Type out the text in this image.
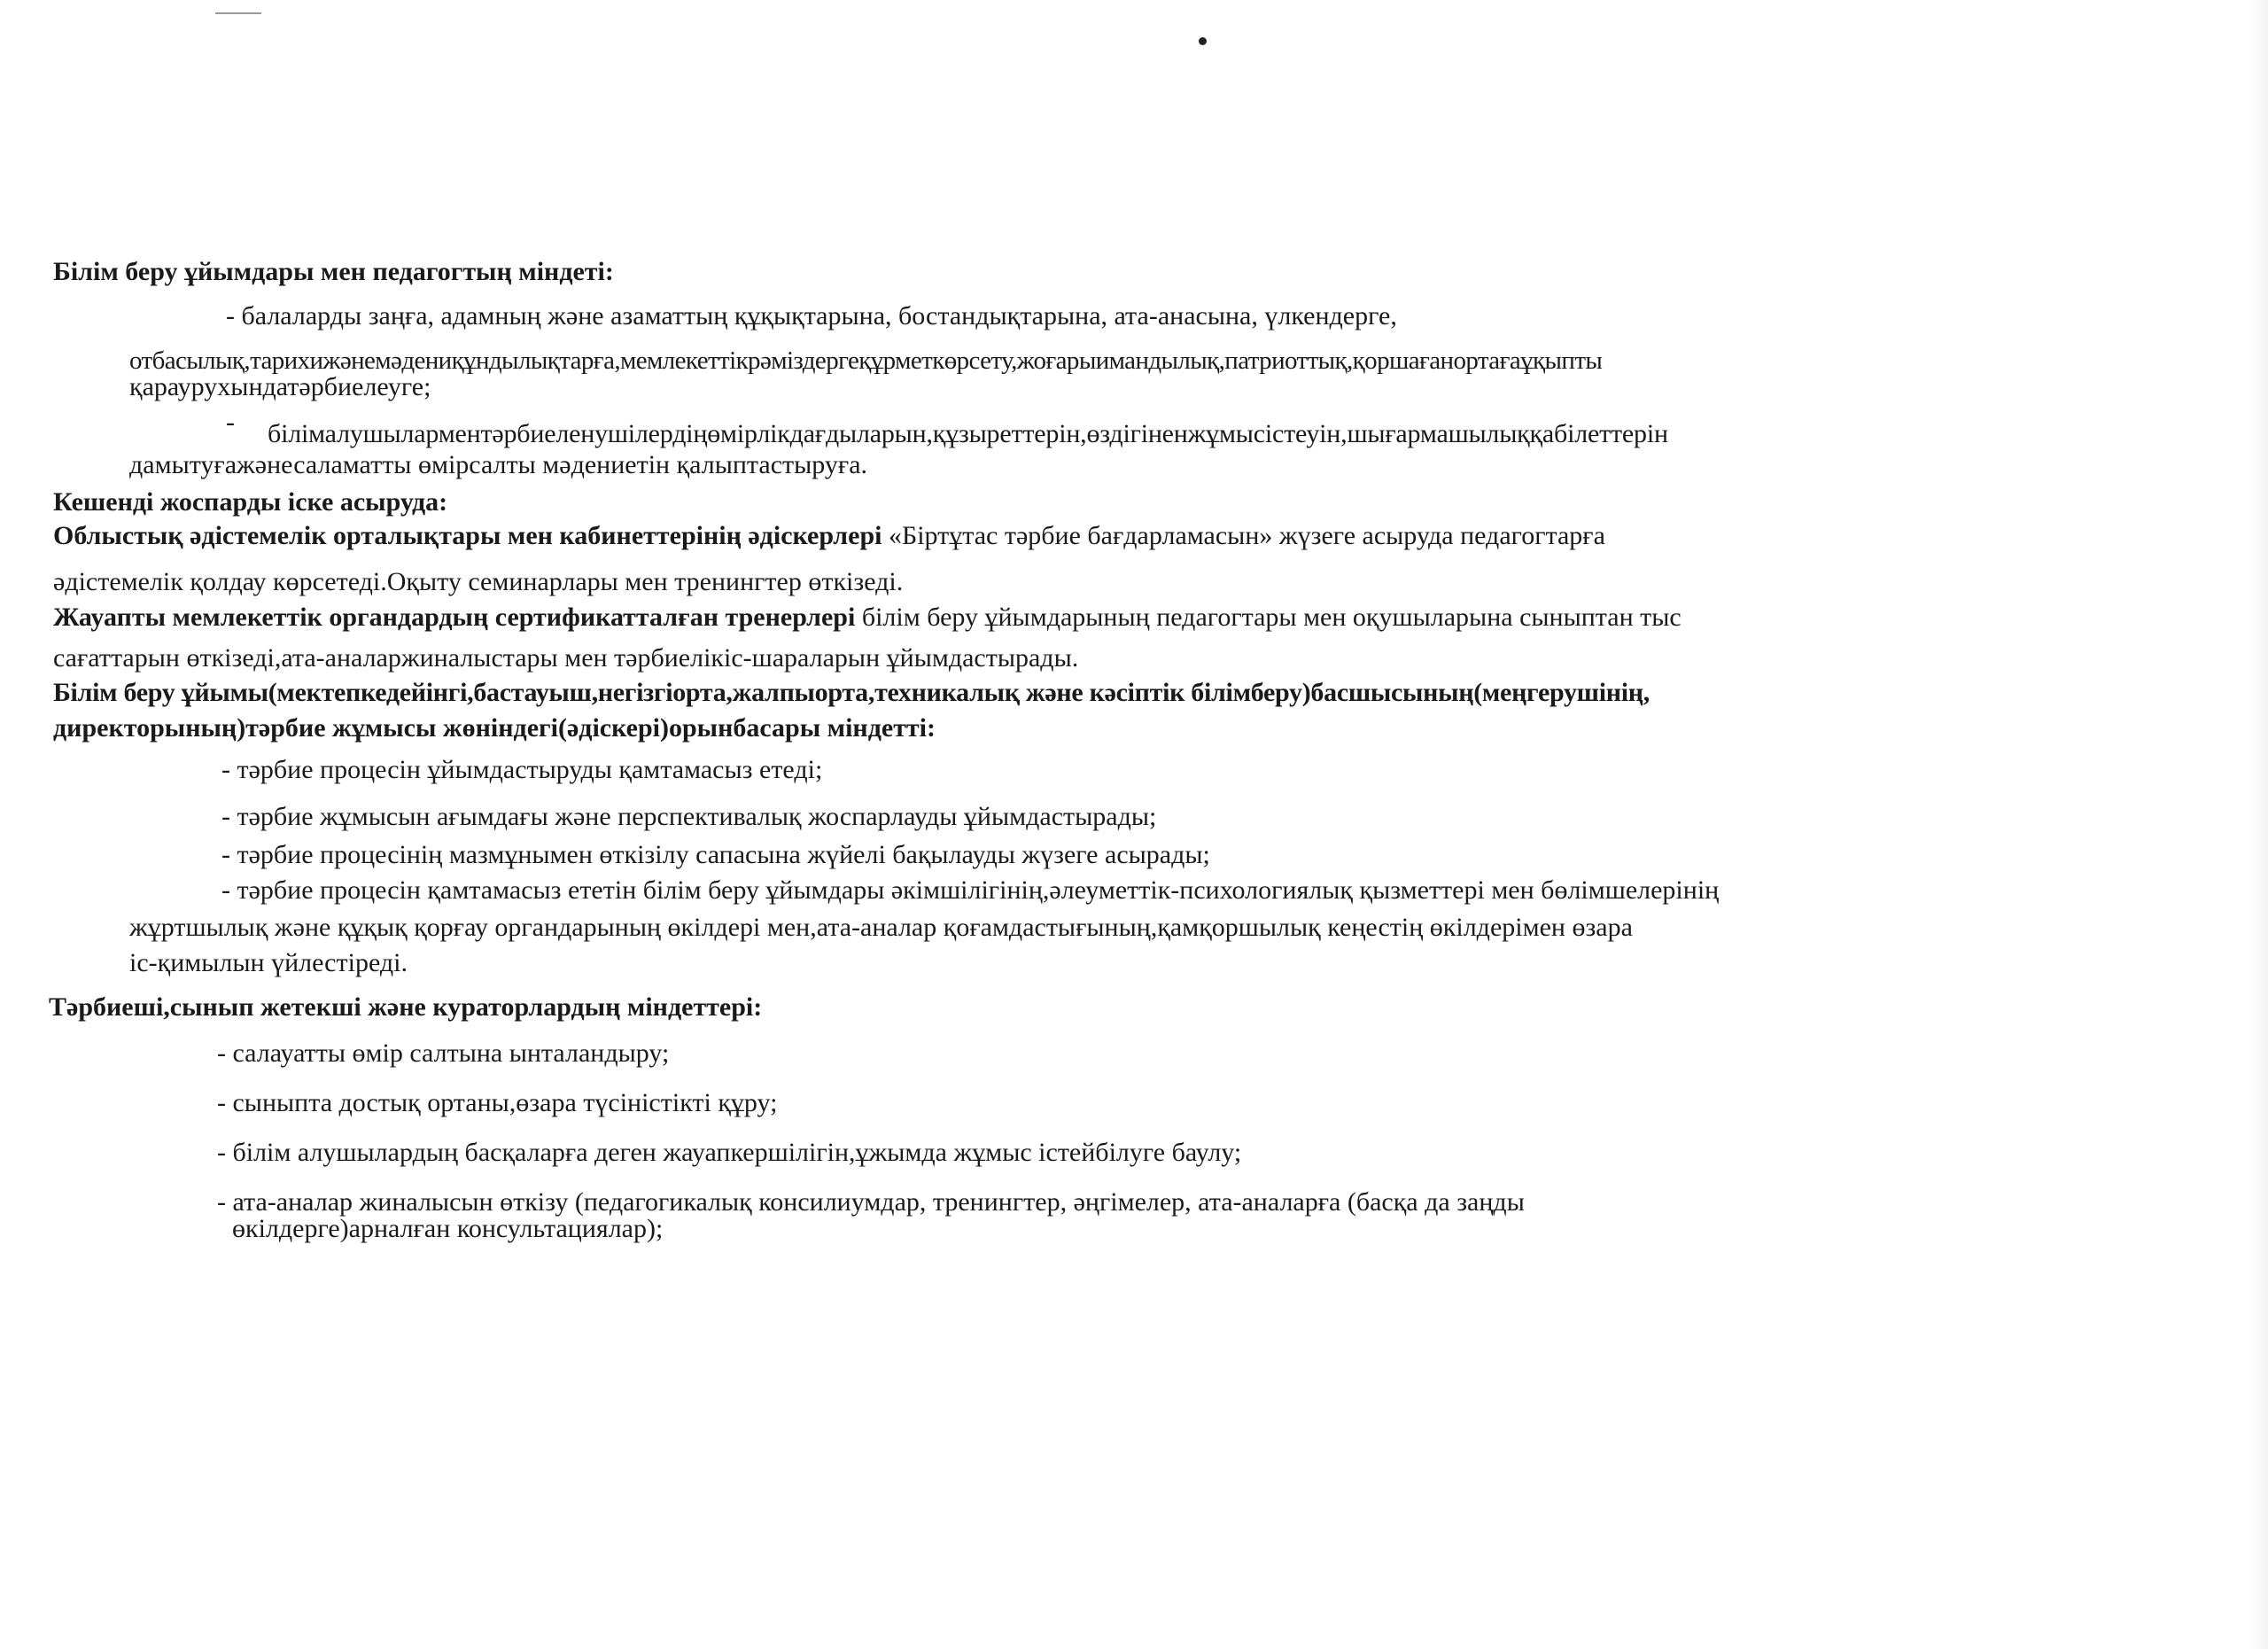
Білім беру ұйымдары мен педагогтың міндеті:
- балаларды заңға, адамның және азаматтың құқықтарына, бостандықтарына, ата-анасына, үлкендерге,
отбасылық,тарихижәнемәдениқұндылықтарға,мемлекеттікрәміздергеқұрметкөрсету,жоғарыимандылық,патриоттық,қоршағанортағаұқыпты
қараурухындатәрбиелеуге;
- білімалушыларментәрбиеленушілердіңөмірлікдағдыларын,құзыреттерін,өздігіненжұмысістеуін,шығармашылыққабілеттерін
дамытуғажәнесаламатты өмірсалты мәдениетін қалыптастыруға.
Кешенді жоспарды іске асыруда:
Облыстық әдістемелік орталықтары мен кабинеттерінің әдіскерлері «Біртұтас тәрбие бағдарламасын» жүзеге асыруда педагогтарға
әдістемелік қолдау көрсетеді.Оқыту семинарлары мен тренингтер өткізеді.
Жауапты мемлекеттік органдардың сертификатталған тренерлері білім беру ұйымдарының педагогтары мен оқушыларына сыныптан тыс
сағаттарын өткізеді,ата-аналаржиналыстары мен тәрбиелікіс-шараларын ұйымдастырады.
Білім беру ұйымы(мектепкедейінгі,бастауыш,негізгіорта,жалпыорта,техникалық және кәсіптік білімберу)басшысының(меңгерушінің,
директорының)тәрбие жұмысы жөніндегі(әдіскері)орынбасары міндетті:
- тәрбие процесін ұйымдастыруды қамтамасыз етеді;
- тәрбие жұмысын ағымдағы және перспективалық жоспарлауды ұйымдастырады;
- тәрбие процесінің мазмұнымен өткізілу сапасына жүйелі бақылауды жүзеге асырады;
- тәрбие процесін қамтамасыз ететін білім беру ұйымдары әкімшілігінің,әлеуметтік-психологиялық қызметтері мен бөлімшелерінің
жұртшылық және құқық қорғау органдарының өкілдері мен,ата-аналар қоғамдастығының,қамқоршылық кеңестің өкілдерімен өзара
іс-қимылын үйлестіреді.
Тәрбиеші,сынып жетекші және кураторлардың міндеттері:
- салауатты өмір салтына ынталандыру;
- сыныпта достық ортаны,өзара түсіністікті құру;
- білім алушылардың басқаларға деген жауапкершілігін,ұжымда жұмыс істейбілуге баулу;
- ата-аналар жиналысын өткізу (педагогикалық консилиумдар, тренингтер, әңгімелер, ата-аналарға (басқа да заңды
өкілдерге)арналған консультациялар);
